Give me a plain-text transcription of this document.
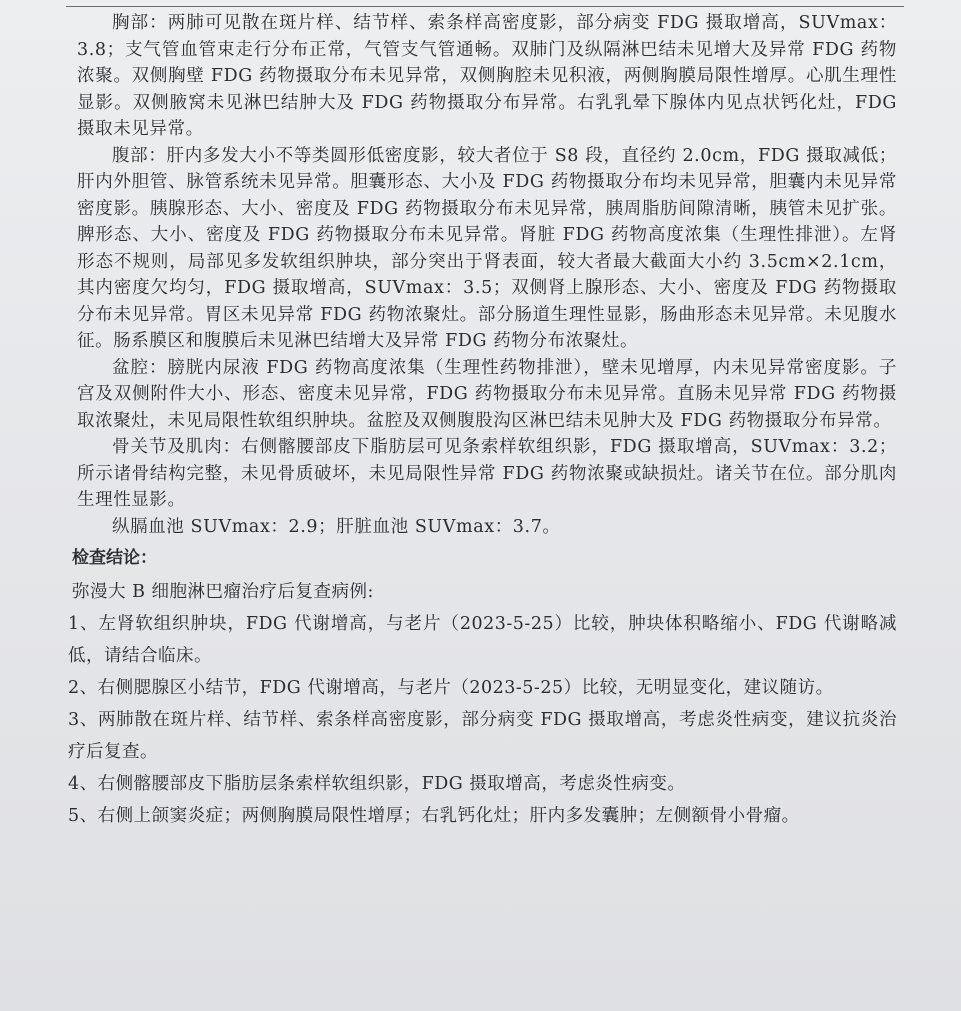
胸部：两肺可见散在斑片样、结节样、索条样高密度影，部分病变 FDG 摄取增高，SUVmax：3.8；支气管血管束走行分布正常，气管支气管通畅。双肺门及纵隔淋巴结未见增大及异常 FDG 药物浓聚。双侧胸壁 FDG 药物摄取分布未见异常，双侧胸腔未见积液，两侧胸膜局限性增厚。心肌生理性显影。双侧腋窝未见淋巴结肿大及 FDG 药物摄取分布异常。右乳乳晕下腺体内见点状钙化灶，FDG 摄取未见异常。

腹部：肝内多发大小不等类圆形低密度影，较大者位于 S8 段，直径约 2.0cm，FDG 摄取减低；肝内外胆管、脉管系统未见异常。胆囊形态、大小及 FDG 药物摄取分布均未见异常，胆囊内未见异常密度影。胰腺形态、大小、密度及 FDG 药物摄取分布未见异常，胰周脂肪间隙清晰，胰管未见扩张。脾形态、大小、密度及 FDG 药物摄取分布未见异常。肾脏 FDG 药物高度浓集（生理性排泄）。左肾形态不规则，局部见多发软组织肿块，部分突出于肾表面，较大者最大截面大小约 3.5cm×2.1cm，其内密度欠均匀，FDG 摄取增高，SUVmax：3.5；双侧肾上腺形态、大小、密度及 FDG 药物摄取分布未见异常。胃区未见异常 FDG 药物浓聚灶。部分肠道生理性显影，肠曲形态未见异常。未见腹水征。肠系膜区和腹膜后未见淋巴结增大及异常 FDG 药物分布浓聚灶。

盆腔：膀胱内尿液 FDG 药物高度浓集（生理性药物排泄），壁未见增厚，内未见异常密度影。子宫及双侧附件大小、形态、密度未见异常，FDG 药物摄取分布未见异常。直肠未见异常 FDG 药物摄取浓聚灶，未见局限性软组织肿块。盆腔及双侧腹股沟区淋巴结未见肿大及 FDG 药物摄取分布异常。

骨关节及肌肉：右侧髂腰部皮下脂肪层可见条索样软组织影，FDG 摄取增高，SUVmax：3.2；所示诸骨结构完整，未见骨质破坏，未见局限性异常 FDG 药物浓聚或缺损灶。诸关节在位。部分肌肉生理性显影。

纵膈血池 SUVmax：2.9；肝脏血池 SUVmax：3.7。

检查结论：
弥漫大 B 细胞淋巴瘤治疗后复查病例:
1、左肾软组织肿块，FDG 代谢增高，与老片（2023-5-25）比较，肿块体积略缩小、FDG 代谢略减低，请结合临床。
2、右侧腮腺区小结节，FDG 代谢增高，与老片（2023-5-25）比较，无明显变化，建议随访。
3、两肺散在斑片样、结节样、索条样高密度影，部分病变 FDG 摄取增高，考虑炎性病变，建议抗炎治疗后复查。
4、右侧髂腰部皮下脂肪层条索样软组织影，FDG 摄取增高，考虑炎性病变。
5、右侧上颌窦炎症；两侧胸膜局限性增厚；右乳钙化灶；肝内多发囊肿；左侧额骨小骨瘤。
